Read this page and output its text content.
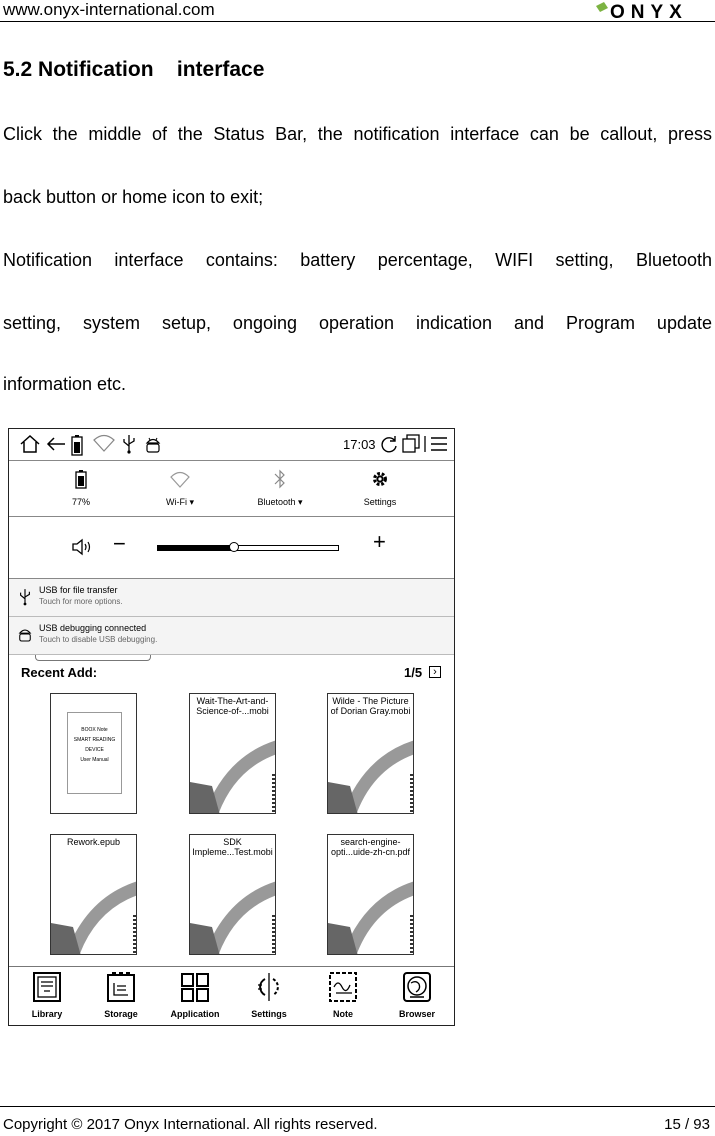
www.onyx-international.com	ONYX
5.2 Notification    interface
Click the middle of the Status Bar, the notification interface can be callout, press
back button or home icon to exit;
Notification interface contains: battery percentage, WIFI setting, Bluetooth
setting, system setup, ongoing operation indication and Program update
information etc.
17:03
77%	Wi-Fi ▾	Bluetooth ▾	Settings
−	+
USB for file transfer
Touch for more options.
USB debugging connected
Touch to disable USB debugging.
Recent Add:	1/5	›
BOOX Note
SMART READING
DEVICE
User Manual
Wait-The-Art-and-
Science-of-...mobi
Wilde - The Picture
of Dorian Gray.mobi
Rework.epub	SDK
Impleme...Test.mobi
search-engine-
opti...uide-zh-cn.pdf
Library	Storage	Application	Settings	Note	Browser
Copyright © 2017 Onyx International. All rights reserved.	15 / 93
